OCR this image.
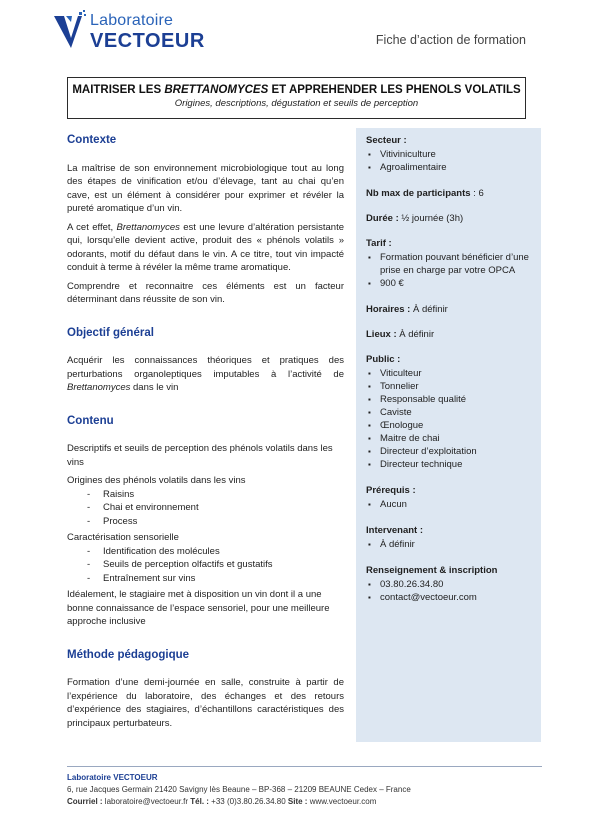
Laboratoire
VECTOEUR	Fiche d’action de formation
MAITRISER LES BRETTANOMYCES ET APPREHENDER LES PHENOLS VOLATILS
Origines, descriptions, dégustation et seuils de perception
Contexte

La maîtrise de son environnement microbiologique tout au long des étapes de vinification et/ou d’élevage, tant au chai qu’en cave, est un élément à considérer pour exprimer et révéler la pureté aromatique d’un vin.

A cet effet, Brettanomyces est une levure d’altération persistante qui, lorsqu’elle devient active, produit des « phénols volatils » odorants, motif du défaut dans le vin. A ce titre, tout vin impacté conduit à terme à révéler la même trame aromatique.

Comprendre et reconnaitre ces éléments est un facteur déterminant dans réussite de son vin.

Objectif général

Acquérir les connaissances théoriques et pratiques des perturbations organoleptiques imputables à l’activité de Brettanomyces dans le vin

Contenu

Descriptifs et seuils de perception des phénols volatils dans les vins

Origines des phénols volatils dans les vins

- Raisins
- Chai et environnement
- Process

Caractérisation sensorielle

- Identification des molécules
- Seuils de perception olfactifs et gustatifs
- Entraînement sur vins

Idéalement, le stagiaire met à disposition un vin dont il a une bonne connaissance de l’espace sensoriel, pour une meilleure approche inclusive

Méthode pédagogique

Formation d’une demi-journée en salle, construite à partir de l’expérience du laboratoire, des échanges et des retours d’expérience des stagiaires, d’échantillons caractéristiques des principaux perturbateurs.

Secteur :
▪ Vitiviniculture
▪ Agroalimentaire
Nb max de participants : 6
Durée : ½ journée (3h)
Tarif :
▪ Formation pouvant bénéficier d’une prise en charge par votre OPCA
▪ 900 €
Horaires : À définir
Lieux : À définir
Public :
▪ Viticulteur
▪ Tonnelier
▪ Responsable qualité
▪ Caviste
▪ Œnologue
▪ Maitre de chai
▪ Directeur d’exploitation
▪ Directeur technique
Prérequis :
▪ Aucun
Intervenant :
▪ À définir
Renseignement & inscription
▪ 03.80.26.34.80
▪ contact@vectoeur.com
Laboratoire VECTOEUR
6, rue Jacques Germain 21420 Savigny lès Beaune – BP-368 – 21209 BEAUNE Cedex – France
Courriel : laboratoire@vectoeur.fr Tél. : +33 (0)3.80.26.34.80 Site : www.vectoeur.com
